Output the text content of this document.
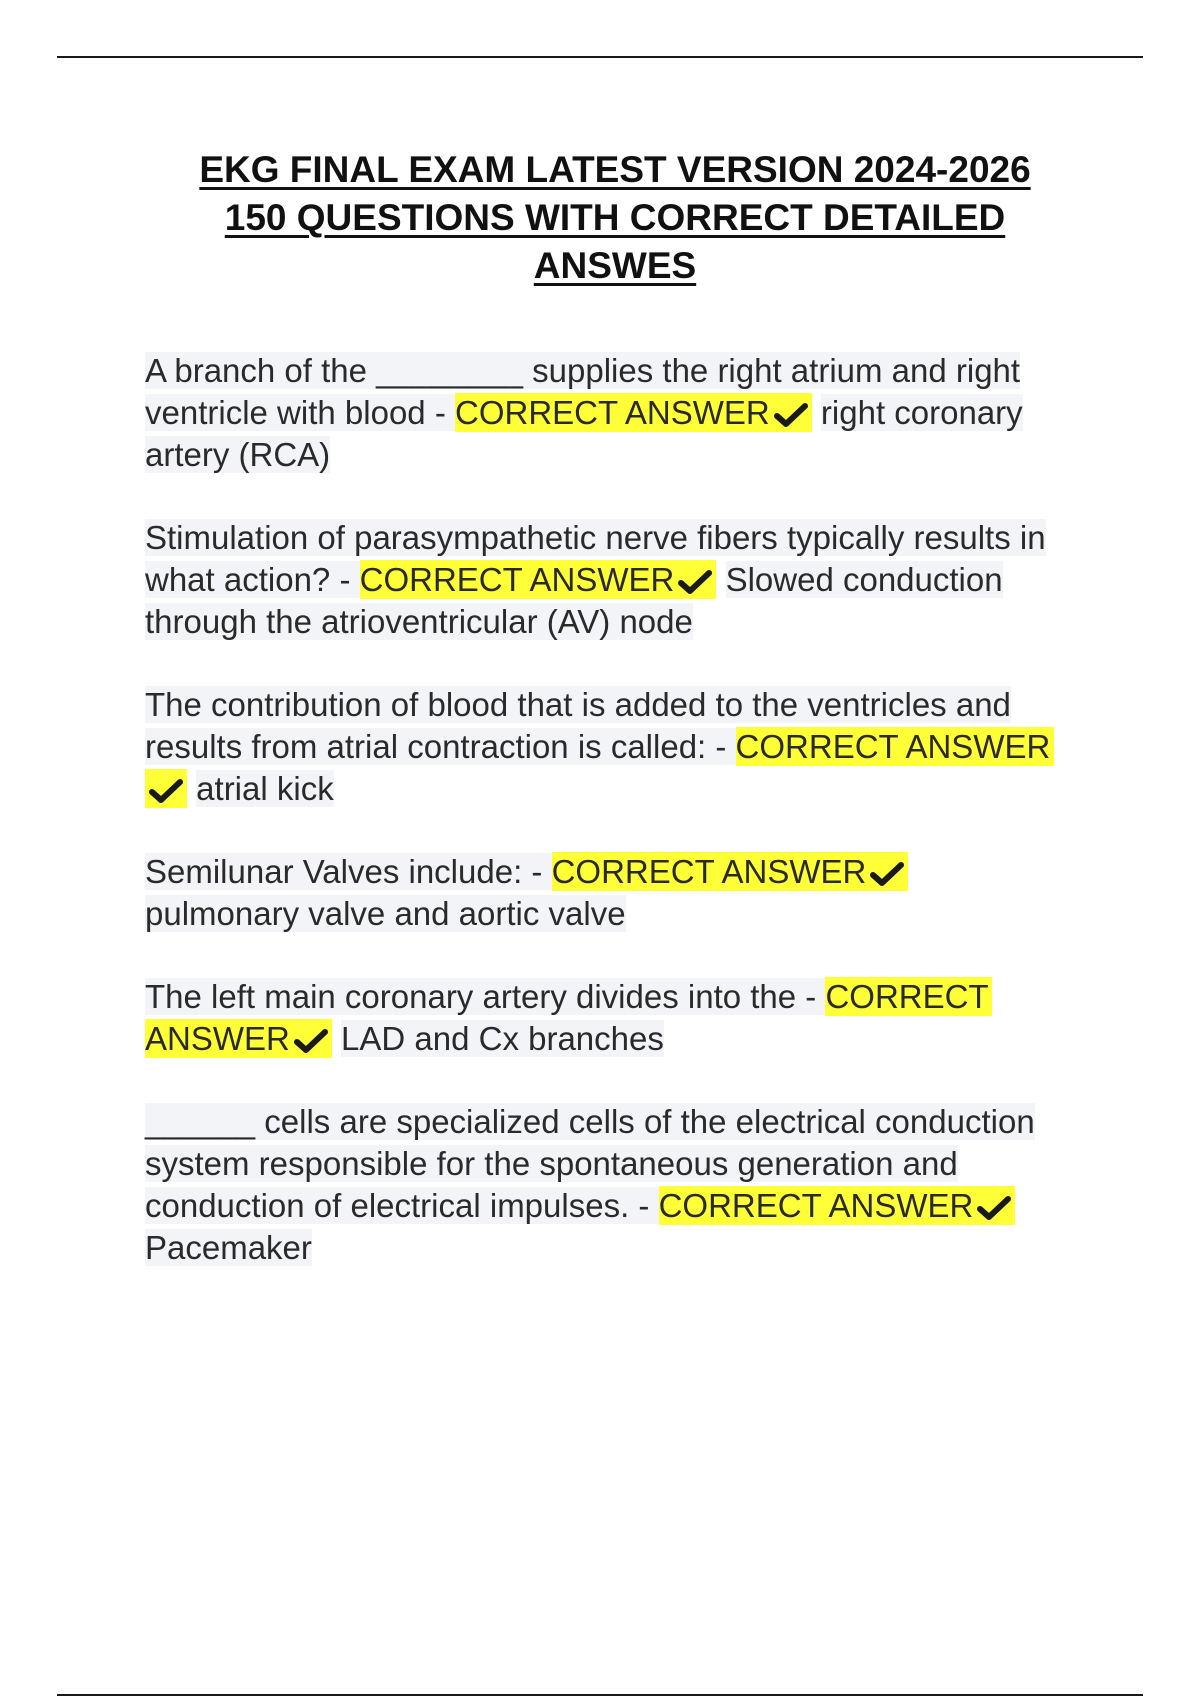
EKG FINAL EXAM LATEST VERSION 2024-2026
150 QUESTIONS WITH CORRECT DETAILED
ANSWES

A branch of the ________ supplies the right atrium and right ventricle with blood - CORRECT ANSWER right coronary artery (RCA)

Stimulation of parasympathetic nerve fibers typically results in what action? - CORRECT ANSWER Slowed conduction through the atrioventricular (AV) node

The contribution of blood that is added to the ventricles and results from atrial contraction is called: - CORRECT ANSWER
atrial kick

Semilunar Valves include: - CORRECT ANSWER

pulmonary valve and aortic valve

The left main coronary artery divides into the - CORRECT ANSWER LAD and Cx branches

______ cells are specialized cells of the electrical conduction system responsible for the spontaneous generation and conduction of electrical impulses. - CORRECT ANSWER
Pacemaker
